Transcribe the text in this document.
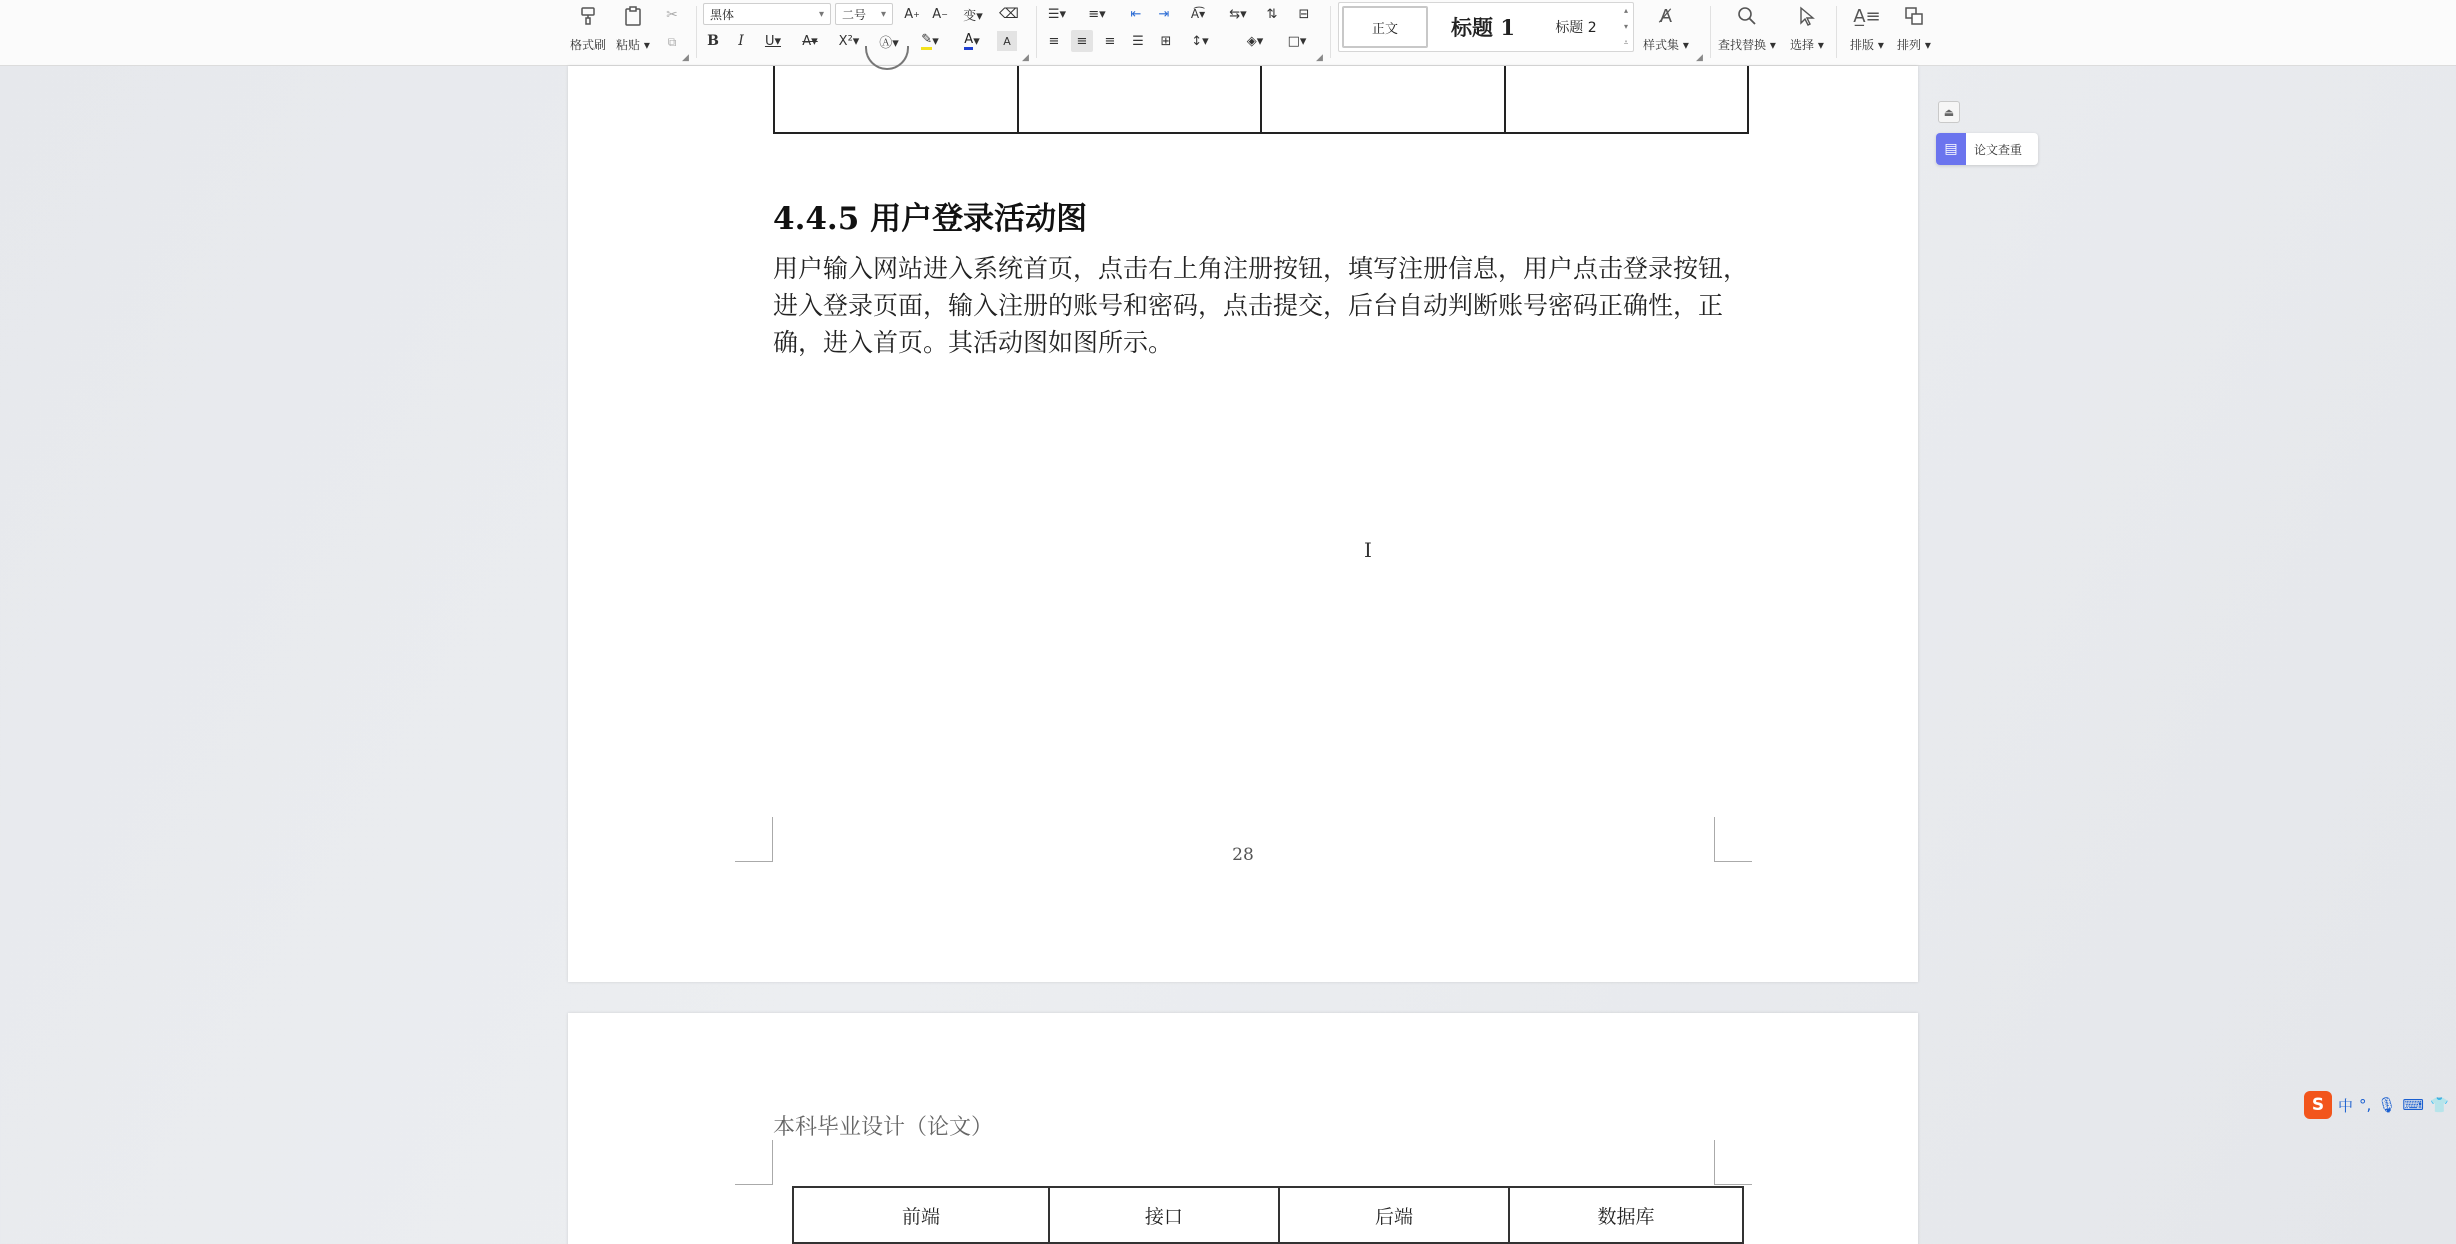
格式刷 粘贴 ▾
✂
⧉
◢
黑体	▾ 二号 ▾ A + A −	变▾	⌫
B	I	U▾	A▾	X²▾	Ⓐ▾	✎ ▾	A ▾	A
◢
☰▾	≡▾	⇤	⇥	A͡▾	⇆▾	⇅	⊟
≡	≡	≡	☰	⊞	↕▾	◈▾	□▾
◢
正文	标题 1	标题 2
▴
▾
⩡
A̸
样式集 ▾
◢
查找替换 ▾ 选择 ▾
A̲≡
排版 ▾ 排列 ▾
4.4.5 用户登录活动图
用户输入网站进入系统首页，点击右上角注册按钮，填写注册信息，用户点击登录按钮，进入登录页面，输入注册的账号和密码，点击提交，后台自动判断账号密码正确性，正确，进入首页。其活动图如图所示。
28
本科毕业设计（论文）
前端	接口	后端	数据库
I
⏏
▤	论文查重
S 中 °, 🎙 ⌨ 👕
